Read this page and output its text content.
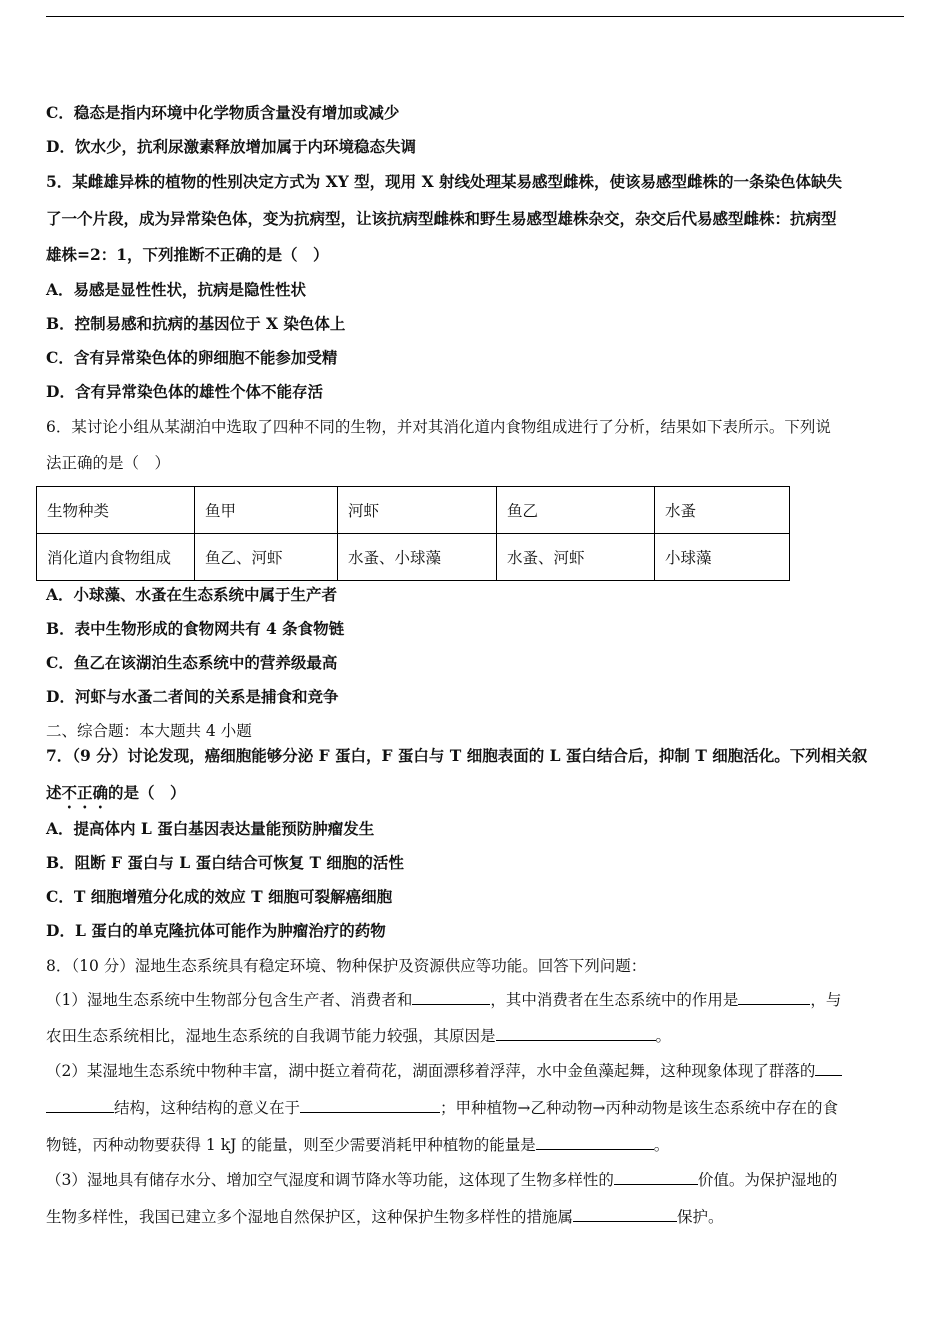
C．稳态是指内环境中化学物质含量没有增加或减少
D．饮水少，抗利尿激素释放增加属于内环境稳态失调
5．某雌雄异株的植物的性别决定方式为 XY 型，现用 X 射线处理某易感型雌株，使该易感型雌株的一条染色体缺失
了一个片段，成为异常染色体，变为抗病型，让该抗病型雌株和野生易感型雄株杂交，杂交后代易感型雌株：抗病型
雄株=2：1，下列推断不正确的是（　）
A．易感是显性性状，抗病是隐性性状
B．控制易感和抗病的基因位于 X 染色体上
C．含有异常染色体的卵细胞不能参加受精
D．含有异常染色体的雄性个体不能存活
6．某讨论小组从某湖泊中选取了四种不同的生物，并对其消化道内食物组成进行了分析，结果如下表所示。下列说
法正确的是（　）
生物种类	鱼甲	河虾	鱼乙	水蚤
消化道内食物组成	鱼乙、河虾	水蚤、小球藻	水蚤、河虾	小球藻
A．小球藻、水蚤在生态系统中属于生产者
B．表中生物形成的食物网共有 4 条食物链
C．鱼乙在该湖泊生态系统中的营养级最高
D．河虾与水蚤二者间的关系是捕食和竞争
二、综合题：本大题共 4 小题
7．（9 分）讨论发现，癌细胞能够分泌 F 蛋白，F 蛋白与 T 细胞表面的 L 蛋白结合后，抑制 T 细胞活化。下列相关叙
述不正确的是（　）
A．提高体内 L 蛋白基因表达量能预防肿瘤发生
B．阻断 F 蛋白与 L 蛋白结合可恢复 T 细胞的活性
C．T 细胞增殖分化成的效应 T 细胞可裂解癌细胞
D．L 蛋白的单克隆抗体可能作为肿瘤治疗的药物
8．（10 分）湿地生态系统具有稳定环境、物种保护及资源供应等功能。回答下列问题：
（1）湿地生态系统中生物部分包含生产者、消费者和	，其中消费者在生态系统中的作用是	，与
农田生态系统相比，湿地生态系统的自我调节能力较强，其原因是	。
（2）某湿地生态系统中物种丰富，湖中挺立着荷花，湖面漂移着浮萍，水中金鱼藻起舞，这种现象体现了群落的
结构，这种结构的意义在于	；甲种植物→乙种动物→丙种动物是该生态系统中存在的食
物链，丙种动物要获得 1 kJ 的能量，则至少需要消耗甲种植物的能量是	。
（3）湿地具有储存水分、增加空气湿度和调节降水等功能，这体现了生物多样性的	价值。为保护湿地的
生物多样性，我国已建立多个湿地自然保护区，这种保护生物多样性的措施属	保护。
